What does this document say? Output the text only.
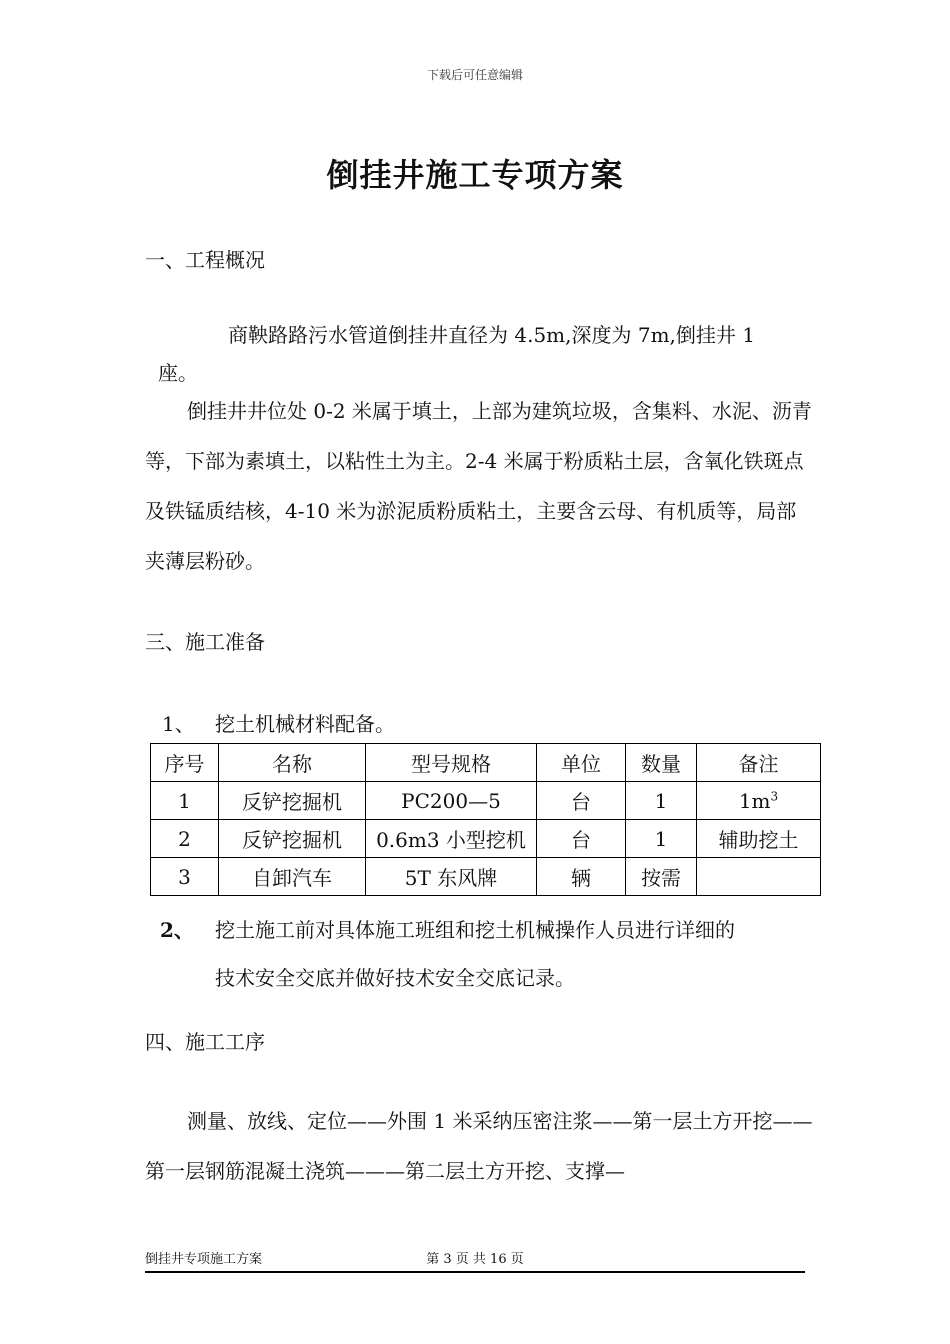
下载后可任意编辑
倒挂井施工专项方案
一、工程概况
商鞅路路污水管道倒挂井直径为 4.5m,深度为 7m,倒挂井 1
座。
倒挂井井位处 0-2 米属于填土，上部为建筑垃圾，含集料、水泥、沥青等，下部为素填土，以粘性土为主。2-4 米属于粉质粘土层，含氧化铁斑点及铁锰质结核，4-10 米为淤泥质粉质粘土，主要含云母、有机质等，局部夹薄层粉砂。
三、施工准备
1、 挖土机械材料配备。
序号	名称	型号规格	单位	数量	备注
1	反铲挖掘机	PC200—5	台	1	$1m^3$
2	反铲挖掘机	0.6m3 小型挖机	台	1	辅助挖土
3	自卸汽车	5T 东风牌	辆	按需	
2、 挖土施工前对具体施工班组和挖土机械操作人员进行详细的
技术安全交底并做好技术安全交底记录。
四、施工工序
测量、放线、定位——外围 1 米采纳压密注浆——第一层土方开挖——第一层钢筋混凝土浇筑———第二层土方开挖、支撑—
倒挂井专项施工方案	第 3 页 共 16 页
